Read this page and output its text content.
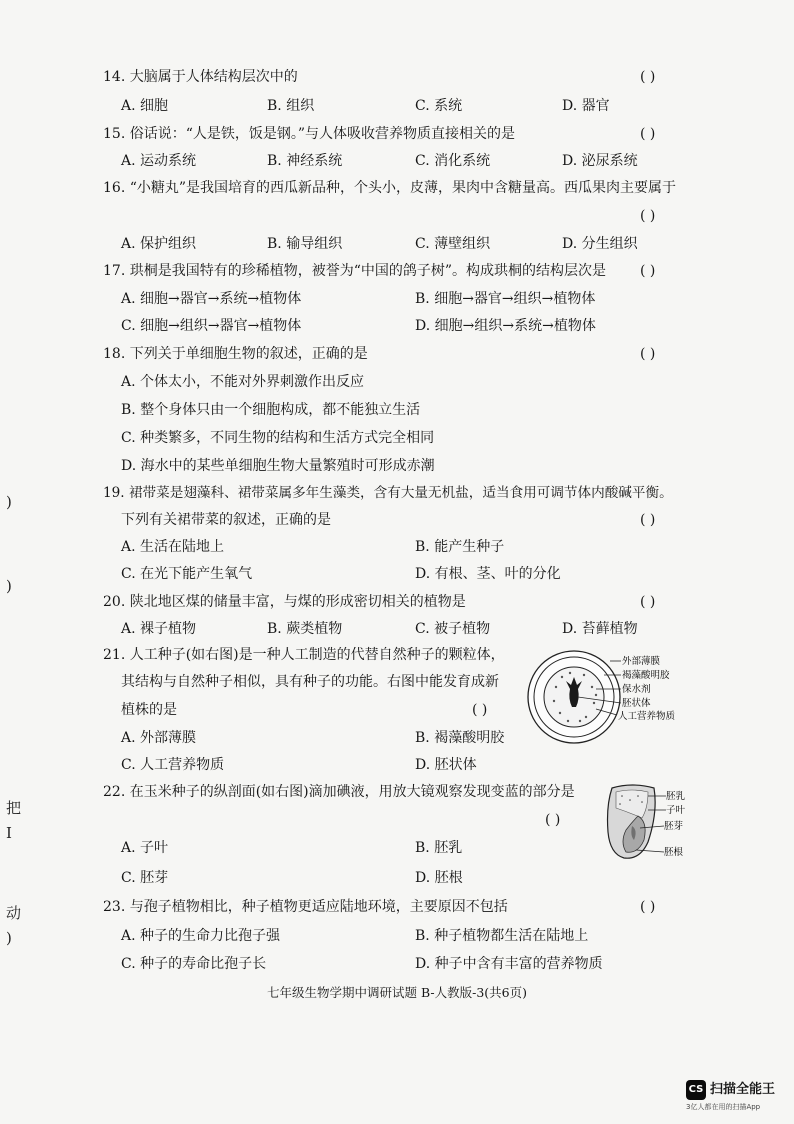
)
)
把
I
动
)
14. 大脑属于人体结构层次中的	( )
A. 细胞	B. 组织	C. 系统	D. 器官
15. 俗话说：“人是铁，饭是钢。”与人体吸收营养物质直接相关的是	( )
A. 运动系统	B. 神经系统	C. 消化系统	D. 泌尿系统
16. “小糖丸”是我国培育的西瓜新品种，个头小，皮薄，果肉中含糖量高。西瓜果肉主要属于
( )
A. 保护组织	B. 输导组织	C. 薄壁组织	D. 分生组织
17. 珙桐是我国特有的珍稀植物，被誉为“中国的鸽子树”。构成珙桐的结构层次是 ( )
A. 细胞→器官→系统→植物体	B. 细胞→器官→组织→植物体
C. 细胞→组织→器官→植物体	D. 细胞→组织→系统→植物体
18. 下列关于单细胞生物的叙述，正确的是	( )
A. 个体太小，不能对外界刺激作出反应
B. 整个身体只由一个细胞构成，都不能独立生活
C. 种类繁多，不同生物的结构和生活方式完全相同
D. 海水中的某些单细胞生物大量繁殖时可形成赤潮
19. 裙带菜是翅藻科、裙带菜属多年生藻类，含有大量无机盐，适当食用可调节体内酸碱平衡。
下列有关裙带菜的叙述，正确的是	( )
A. 生活在陆地上	B. 能产生种子
C. 在光下能产生氧气	D. 有根、茎、叶的分化
20. 陕北地区煤的储量丰富，与煤的形成密切相关的植物是	( )
A. 裸子植物	B. 蕨类植物	C. 被子植物	D. 苔藓植物
21. 人工种子(如右图)是一种人工制造的代替自然种子的颗粒体，
其结构与自然种子相似，具有种子的功能。右图中能发育成新
植株的是	( )
A. 外部薄膜	B. 褐藻酸明胶
C. 人工营养物质	D. 胚状体
外部薄膜
褐藻酸明胶
保水剂
胚状体
人工营养物质
22. 在玉米种子的纵剖面(如右图)滴加碘液，用放大镜观察发现变蓝的部分是
( )
A. 子叶	B. 胚乳
C. 胚芽	D. 胚根
胚乳
子叶
胚芽
胚根
23. 与孢子植物相比，种子植物更适应陆地环境，主要原因不包括	( )
A. 种子的生命力比孢子强	B. 种子植物都生活在陆地上
C. 种子的寿命比孢子长	D. 种子中含有丰富的营养物质
七年级生物学期中调研试题 B-人教版-3(共6页)
CS 扫描全能王
3亿人都在用的扫描App
